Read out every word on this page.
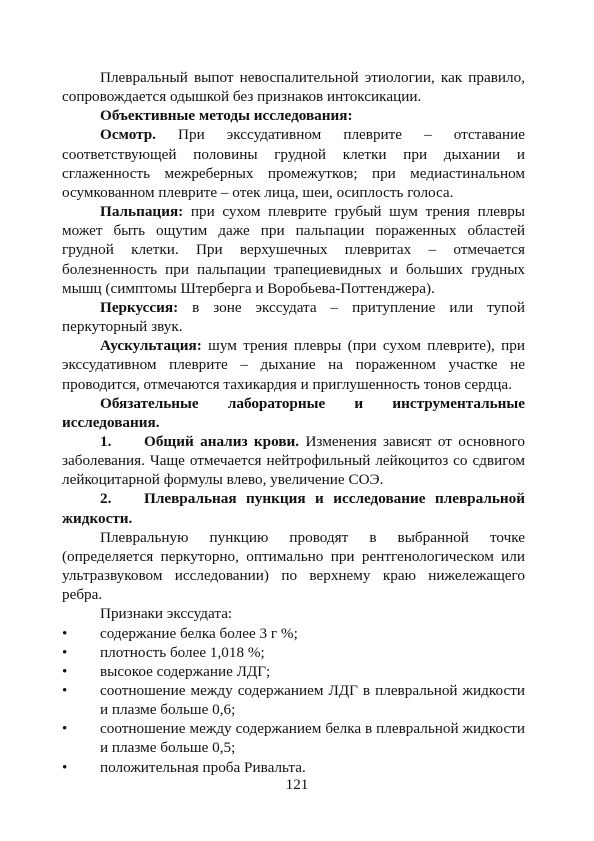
Плевральный выпот невоспалительной этиологии, как правило, сопровождается одышкой без признаков интоксикации.

Объективные методы исследования:

Осмотр. При экссудативном плеврите – отставание соответствующей половины грудной клетки при дыхании и сглаженность межреберных промежутков; при медиастинальном осумкованном плеврите – отек лица, шеи, осиплость голоса.

Пальпация: при сухом плеврите грубый шум трения плевры может быть ощутим даже при пальпации пораженных областей грудной клетки. При верхушечных плевритах – отмечается болезненность при пальпации трапециевидных и больших грудных мышц (симптомы Штерберга и Воробьева-Поттенджера).

Перкуссия: в зоне экссудата – притупление или тупой перкуторный звук.

Аускультация: шум трения плевры (при сухом плеврите), при экссудативном плеврите – дыхание на пораженном участке не проводится, отмечаются тахикардия и приглушенность тонов сердца.

Обязательные лабораторные и инструментальные исследования.

1. Общий анализ крови. Изменения зависят от основного заболевания. Чаще отмечается нейтрофильный лейкоцитоз со сдвигом лейкоцитарной формулы влево, увеличение СОЭ.

2. Плевральная пункция и исследование плевральной жидкости.

Плевральную пункцию проводят в выбранной точке (определяется перкуторно, оптимально при рентгенологическом или ультразвуковом исследовании) по верхнему краю нижележащего ребра.

Признаки экссудата:

• содержание белка более 3 г %;
• плотность более 1,018 %;
• высокое содержание ЛДГ;
• соотношение между содержанием ЛДГ в плевральной жидкости и плазме больше 0,6;
• соотношение между содержанием белка в плевральной жидкости и плазме больше 0,5;
• положительная проба Ривальта.
121
